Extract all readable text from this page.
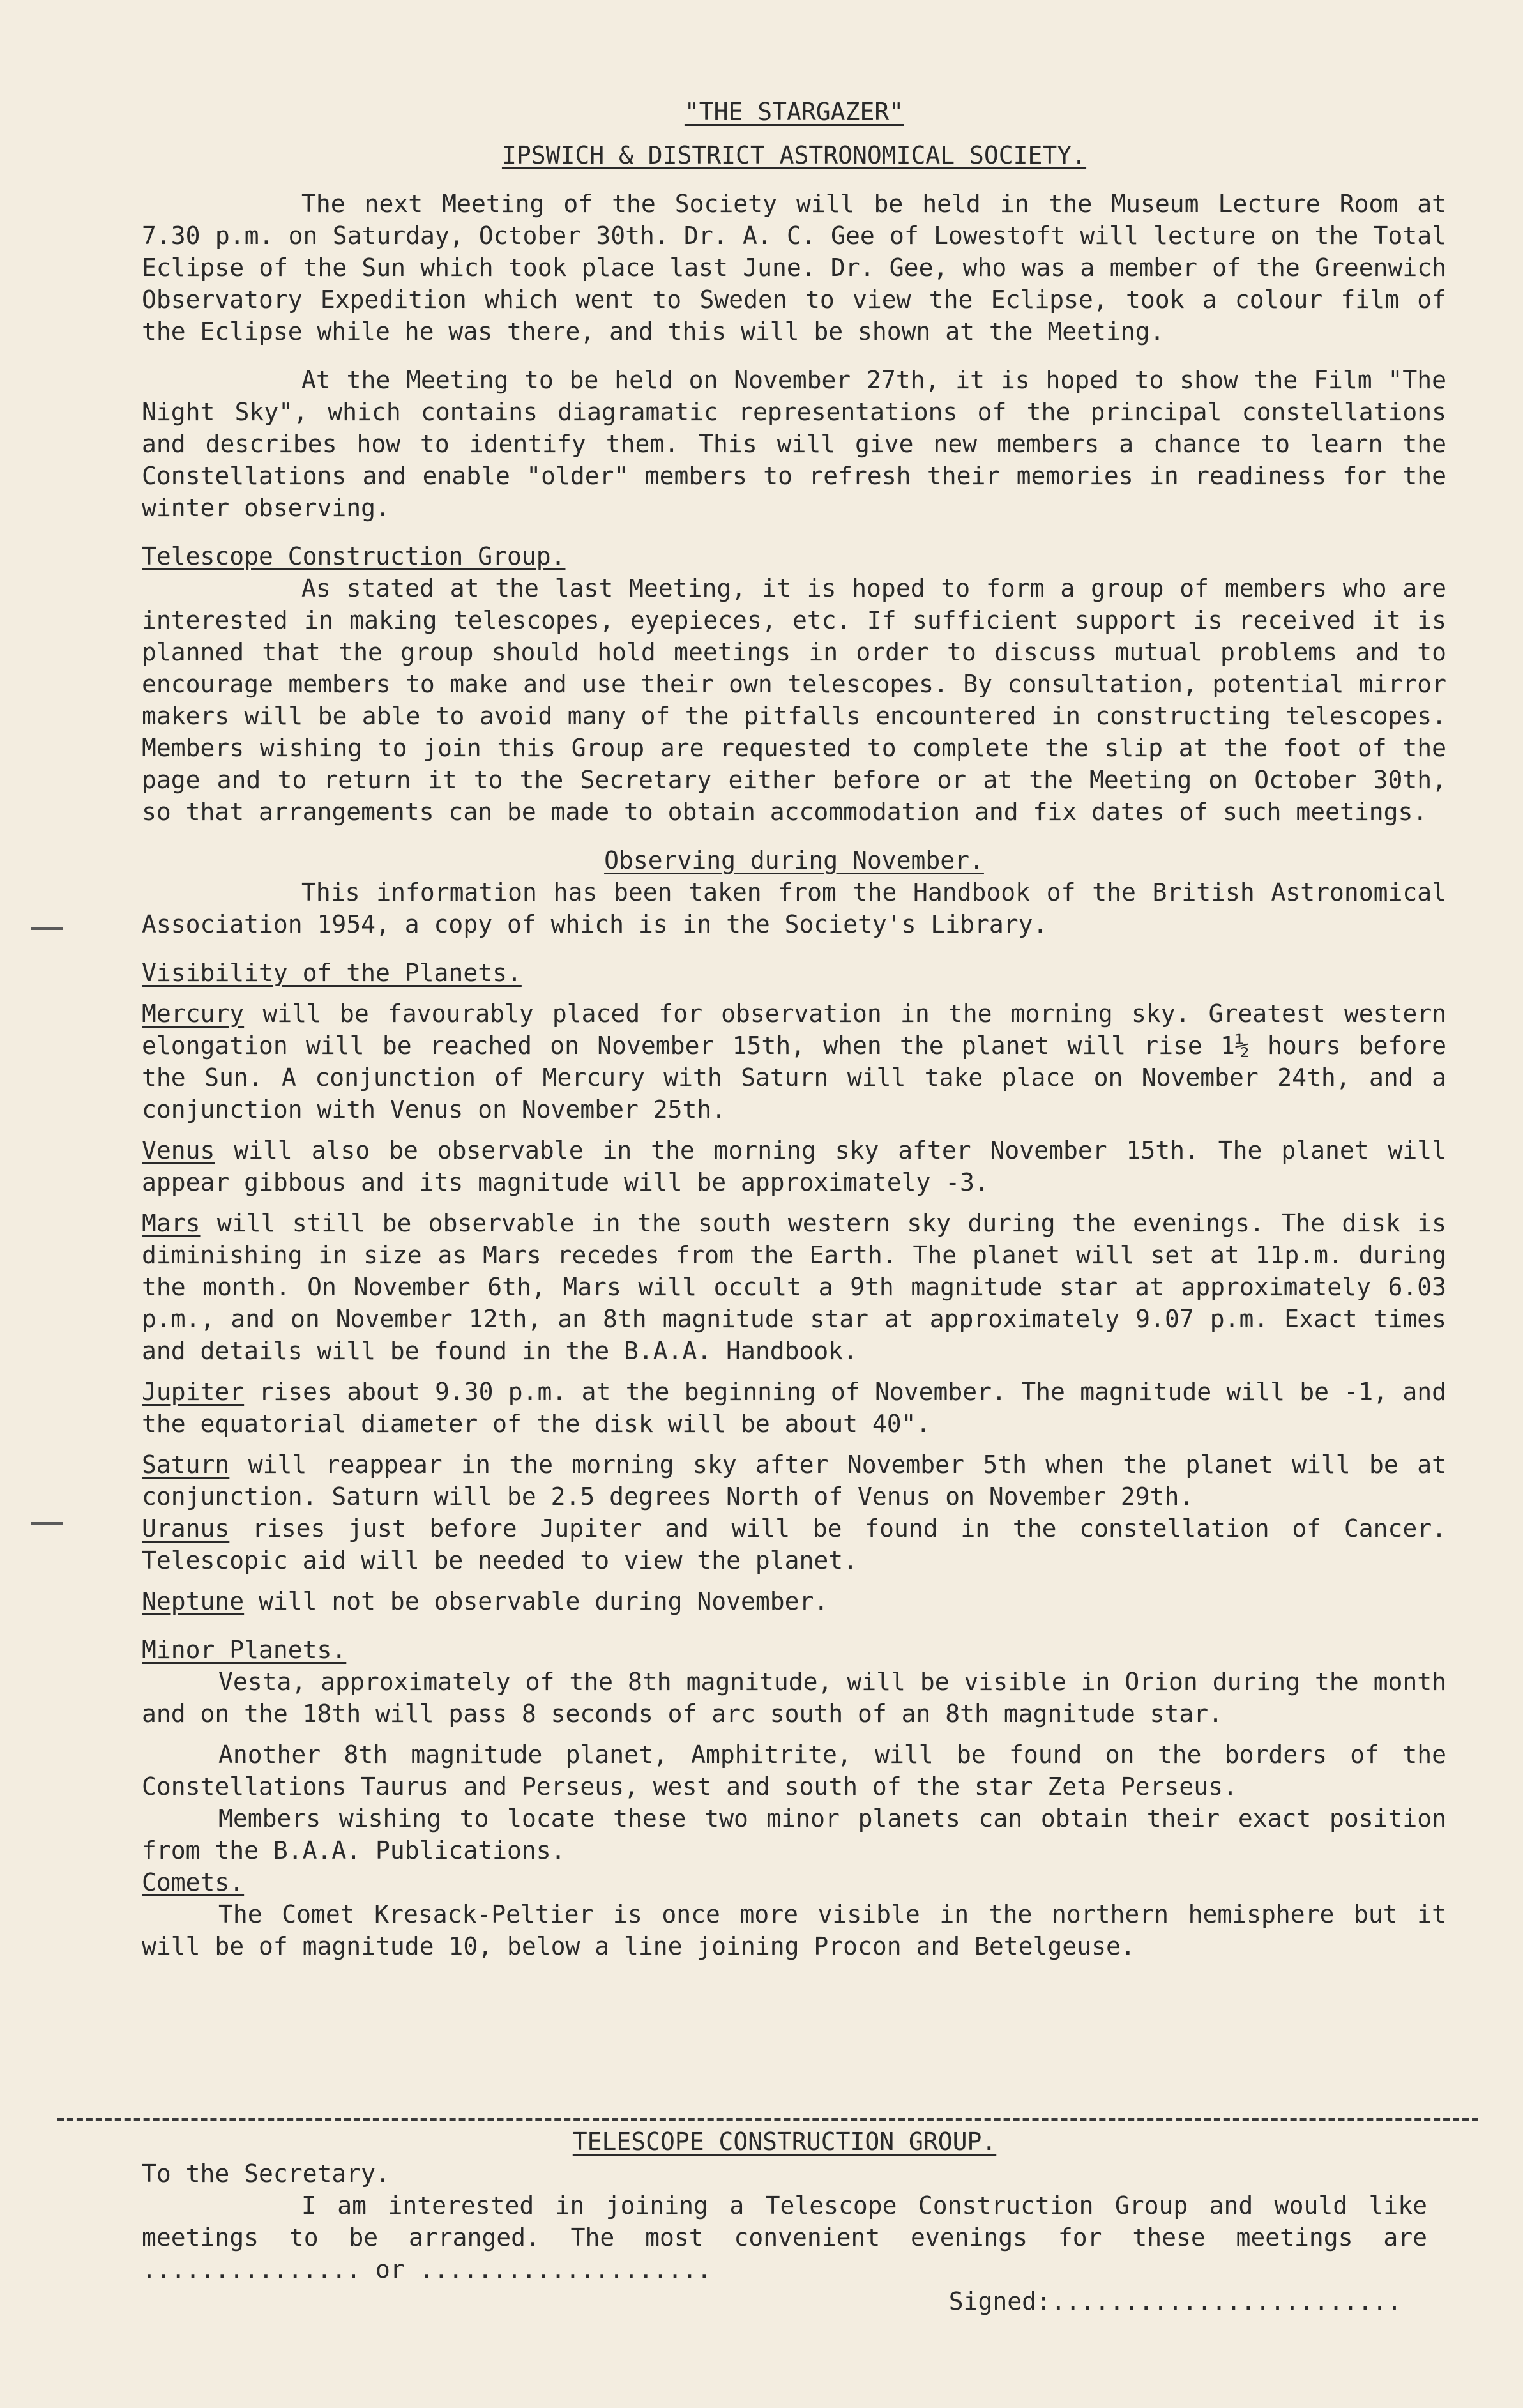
"THE STARGAZER"
IPSWICH & DISTRICT ASTRONOMICAL SOCIETY.

The next Meeting of the Society will be held in the Museum Lecture Room at 7.30 p.m. on Saturday, October 30th. Dr. A. C. Gee of Lowestoft will lecture on the Total Eclipse of the Sun which took place last June. Dr. Gee, who was a member of the Greenwich Observatory Expedition which went to Sweden to view the Eclipse, took a colour film of the Eclipse while he was there, and this will be shown at the Meeting.

At the Meeting to be held on November 27th, it is hoped to show the Film "The Night Sky", which contains diagramatic representations of the principal constellations and describes how to identify them. This will give new members a chance to learn the Constellations and enable "older" members to refresh their memories in readiness for the winter observing.

Telescope Construction Group.

As stated at the last Meeting, it is hoped to form a group of members who are interested in making telescopes, eyepieces, etc. If sufficient support is received it is planned that the group should hold meetings in order to discuss mutual problems and to encourage members to make and use their own telescopes. By consultation, potential mirror makers will be able to avoid many of the pitfalls encountered in constructing telescopes. Members wishing to join this Group are requested to complete the slip at the foot of the page and to return it to the Secretary either before or at the Meeting on October 30th, so that arrangements can be made to obtain accommodation and fix dates of such meetings.

Observing during November.

This information has been taken from the Handbook of the British Astronomical Association 1954, a copy of which is in the Society's Library.

Visibility of the Planets.

Mercury will be favourably placed for observation in the morning sky. Greatest western elongation will be reached on November 15th, when the planet will rise 1½ hours before the Sun. A conjunction of Mercury with Saturn will take place on November 24th, and a conjunction with Venus on November 25th.

Venus will also be observable in the morning sky after November 15th. The planet will appear gibbous and its magnitude will be approximately -3.

Mars will still be observable in the south western sky during the evenings. The disk is diminishing in size as Mars recedes from the Earth. The planet will set at 11p.m. during the month. On November 6th, Mars will occult a 9th magnitude star at approximately 6.03 p.m., and on November 12th, an 8th magnitude star at approximately 9.07 p.m. Exact times and details will be found in the B.A.A. Handbook.

Jupiter rises about 9.30 p.m. at the beginning of November. The magnitude will be -1, and the equatorial diameter of the disk will be about 40".

Saturn will reappear in the morning sky after November 5th when the planet will be at conjunction. Saturn will be 2.5 degrees North of Venus on November 29th.

Uranus rises just before Jupiter and will be found in the constellation of Cancer. Telescopic aid will be needed to view the planet.

Neptune will not be observable during November.

Minor Planets.

Vesta, approximately of the 8th magnitude, will be visible in Orion during the month and on the 18th will pass 8 seconds of arc south of an 8th magnitude star.

Another 8th magnitude planet, Amphitrite, will be found on the borders of the Constellations Taurus and Perseus, west and south of the star Zeta Perseus.

Members wishing to locate these two minor planets can obtain their exact position from the B.A.A. Publications.

Comets.

The Comet Kresack-Peltier is once more visible in the northern hemisphere but it will be of magnitude 10, below a line joining Procon and Betelgeuse.

TELESCOPE CONSTRUCTION GROUP.
To the Secretary.

I am interested in joining a Telescope Construction Group and would like meetings to be arranged. The most convenient evenings for these meetings are ............... or ....................

Signed:........................
